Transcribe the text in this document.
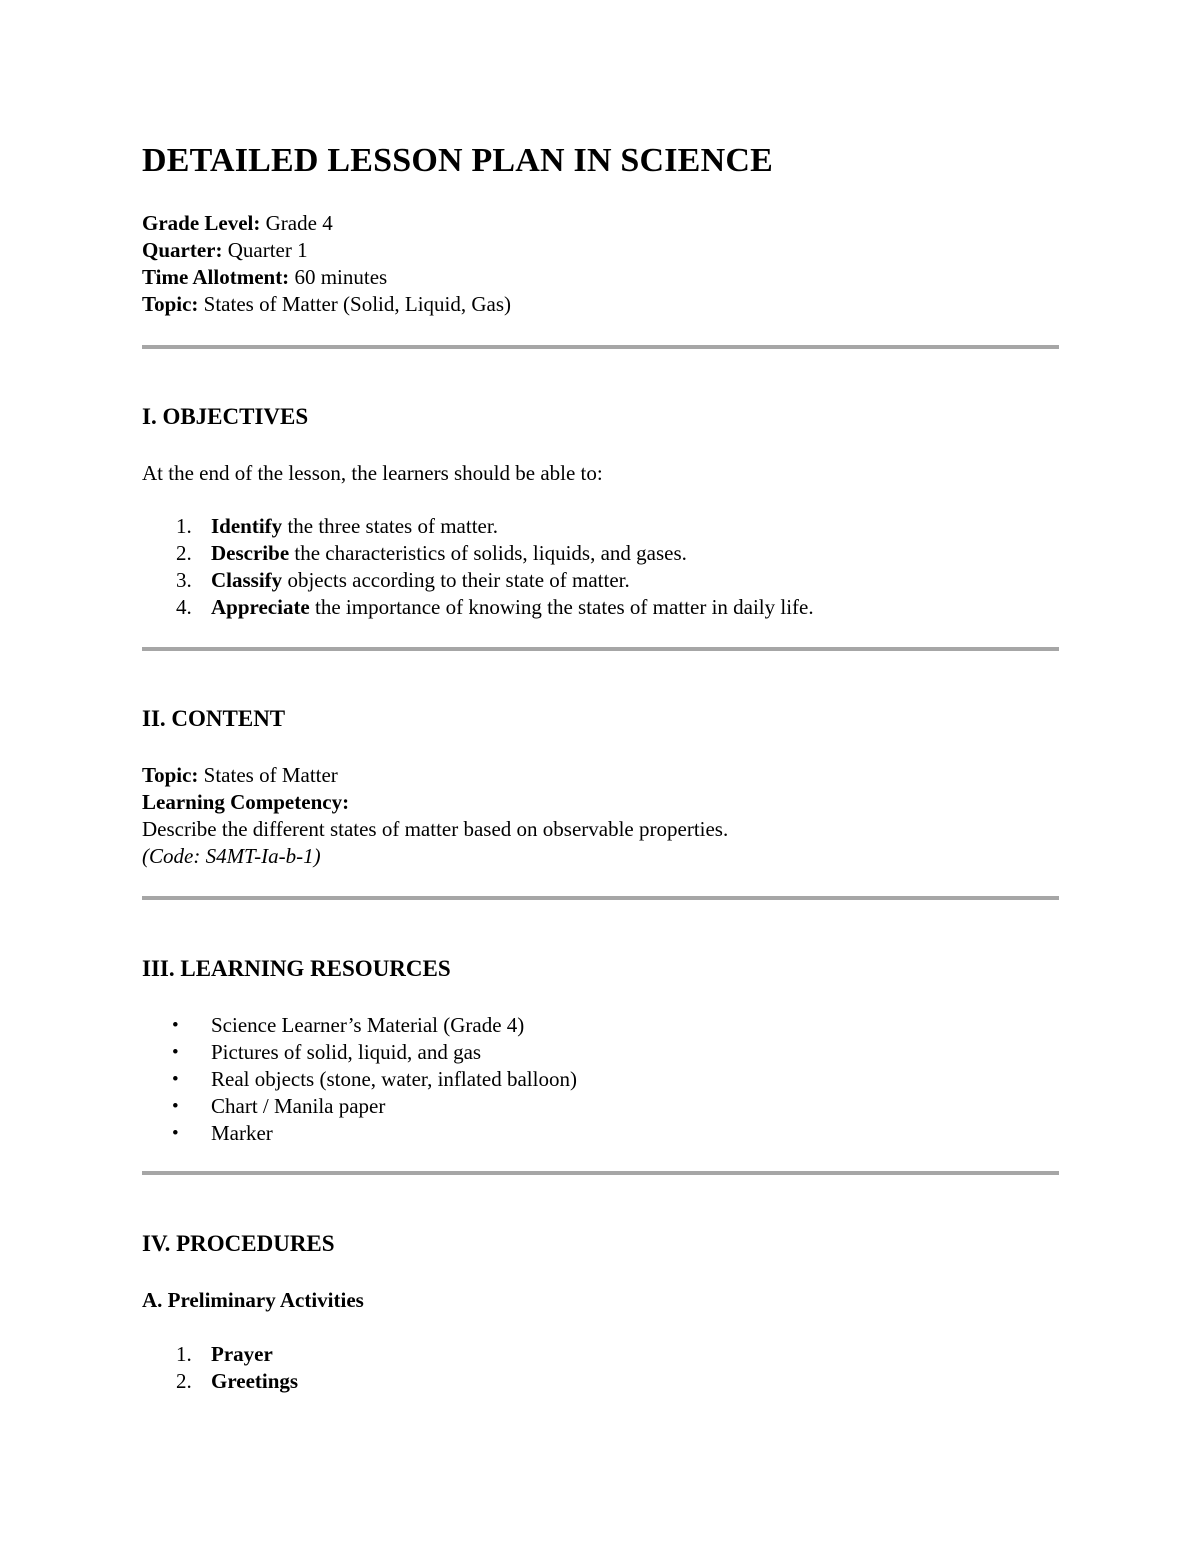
DETAILED LESSON PLAN IN SCIENCE

Grade Level: Grade 4

Quarter: Quarter 1

Time Allotment: 60 minutes

Topic: States of Matter (Solid, Liquid, Gas)

I. OBJECTIVES

At the end of the lesson, the learners should be able to:

1. Identify the three states of matter.
2. Describe the characteristics of solids, liquids, and gases.
3. Classify objects according to their state of matter.
4. Appreciate the importance of knowing the states of matter in daily life.
II. CONTENT

Topic: States of Matter

Learning Competency:

Describe the different states of matter based on observable properties.

(Code: S4MT-Ia-b-1)

III. LEARNING RESOURCES
• Science Learner’s Material (Grade 4)
• Pictures of solid, liquid, and gas
• Real objects (stone, water, inflated balloon)
• Chart / Manila paper
• Marker
IV. PROCEDURES
A. Preliminary Activities
1. Prayer
2. Greetings
